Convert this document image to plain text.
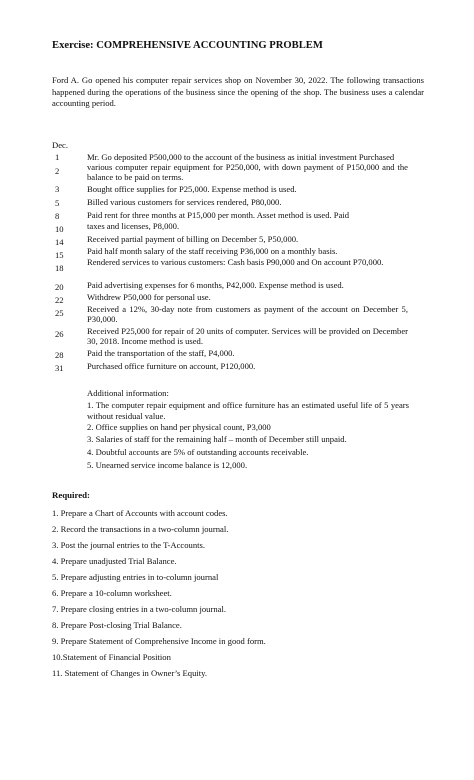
Exercise: COMPREHENSIVE ACCOUNTING PROBLEM
Ford A. Go opened his computer repair services shop on November 30, 2022. The following transactions happened during the operations of the business since the opening of the shop. The business uses a calendar accounting period.
Dec.
1
2
3
5
8
10
14
15
18
20
22
25
26
28
31
Mr. Go deposited P500,000 to the account of the business as initial investment Purchased
various computer repair equipment for P250,000, with down payment of P150,000 and the balance to be paid on terms.
Bought office supplies for P25,000. Expense method is used.
Billed various customers for services rendered, P80,000.
Paid rent for three months at P15,000 per month. Asset method is used. Paid
taxes and licenses, P8,000.
Received partial payment of billing on December 5, P50,000.
Paid half month salary of the staff receiving P36,000 on a monthly basis.
Rendered services to various customers: Cash basis P90,000 and On account P70,000.
Paid advertising expenses for 6 months, P42,000. Expense method is used.
Withdrew P50,000 for personal use.
Received a 12%, 30-day note from customers as payment of the account on December 5, P30,000.
Received P25,000 for repair of 20 units of computer. Services will be provided on December 30, 2018. Income method is used.
Paid the transportation of the staff, P4,000.
Purchased office furniture on account, P120,000.
Additional information:
1. The computer repair equipment and office furniture has an estimated useful life of 5 years without residual value.
2. Office supplies on hand per physical count, P3,000
3. Salaries of staff for the remaining half – month of December still unpaid.
4. Doubtful accounts are 5% of outstanding accounts receivable.
5. Unearned service income balance is 12,000.
Required:
1. Prepare a Chart of Accounts with account codes.
2. Record the transactions in a two-column journal.
3. Post the journal entries to the T-Accounts.
4. Prepare unadjusted Trial Balance.
5. Prepare adjusting entries in to-column journal
6. Prepare a 10-column worksheet.
7. Prepare closing entries in a two-column journal.
8. Prepare Post-closing Trial Balance.
9. Prepare Statement of Comprehensive Income in good form.
10.Statement of Financial Position
11. Statement of Changes in Owner’s Equity.
